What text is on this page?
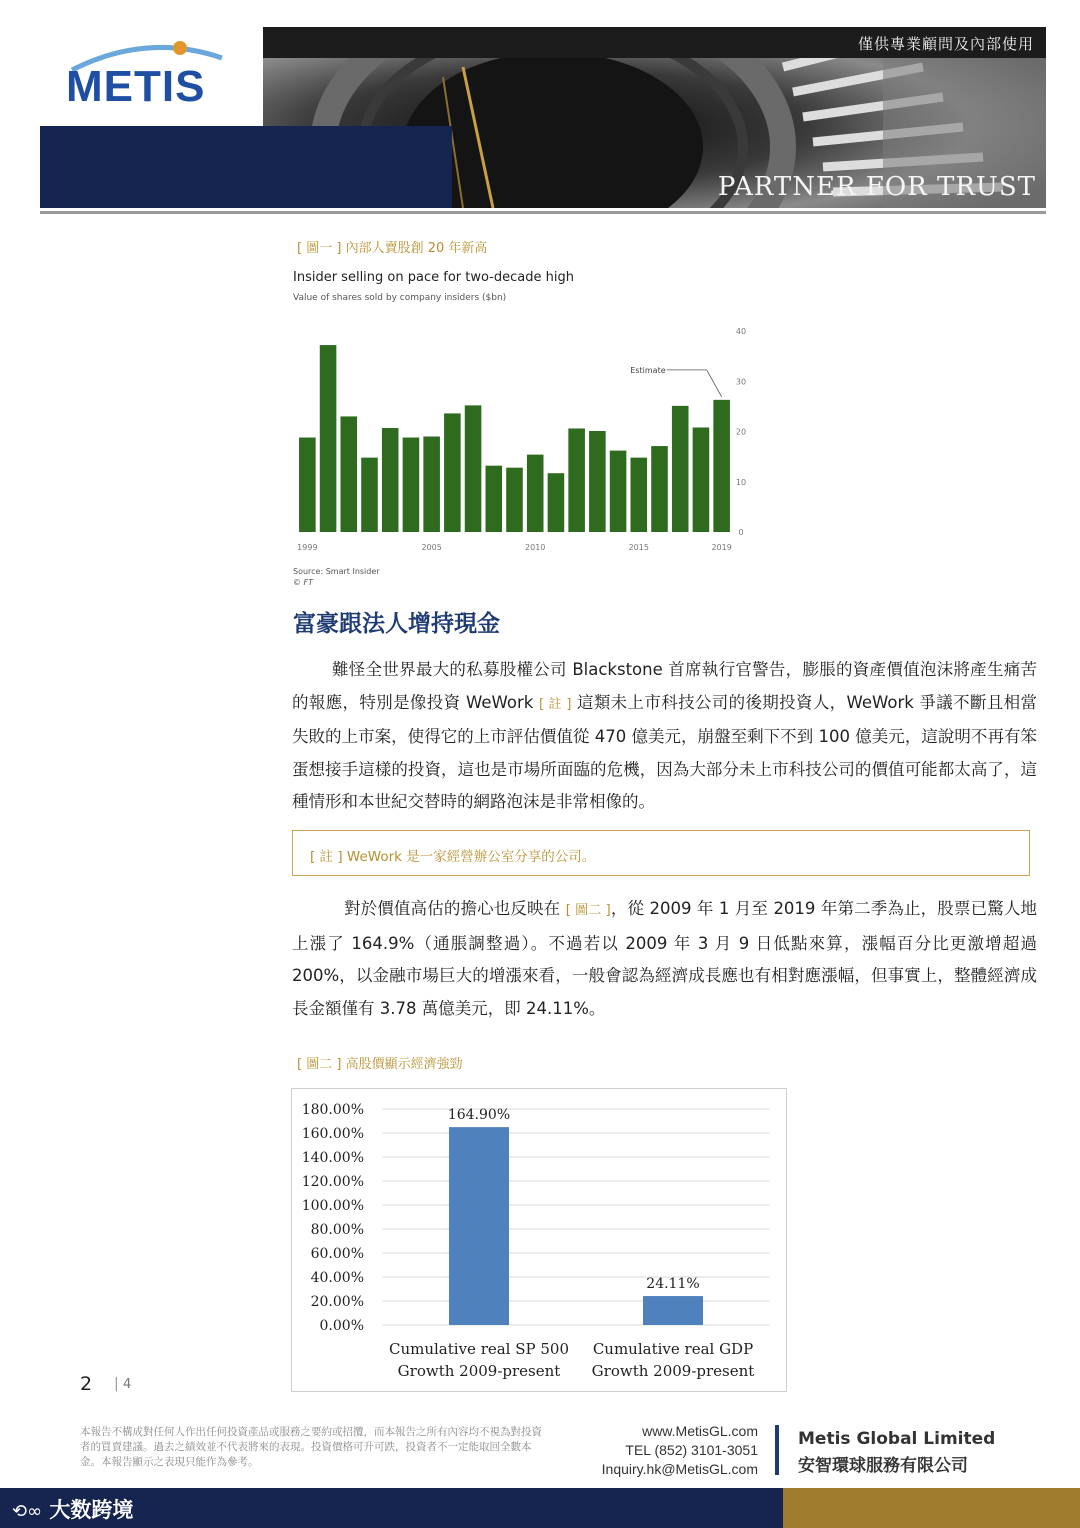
僅供專業顧問及內部使用
PARTNER FOR TRUST
METIS
[ 圖一 ] 內部人賣股創 20 年新高
Insider selling on pace for two-decade high
Value of shares sold by company insiders ($bn)
0
10
20
30
40
1999	2005	2010	2015	2019
Estimate
Source: Smart Insider
© FT
富豪跟法人增持現金
難怪全世界最大的私募股權公司 Blackstone 首席執行官警告，膨脹的資產價值泡沫將產生痛苦的報應，特別是像投資 WeWork [ 註 ] 這類未上市科技公司的後期投資人，WeWork 爭議不斷且相當失敗的上市案，使得它的上市評估價值從 470 億美元，崩盤至剩下不到 100 億美元，這說明不再有笨蛋想接手這樣的投資，這也是市場所面臨的危機，因為大部分未上市科技公司的價值可能都太高了，這種情形和本世紀交替時的網路泡沫是非常相像的。
[ 註 ] WeWork 是一家經營辦公室分享的公司。
對於價值高估的擔心也反映在 [ 圖二 ]，從 2009 年 1 月至 2019 年第二季為止，股票已驚人地上漲了 164.9%（通脹調整過）。不過若以 2009 年 3 月 9 日低點來算，漲幅百分比更激增超過 200%，以金融市場巨大的增漲來看，一般會認為經濟成長應也有相對應漲幅，但事實上，整體經濟成長金額僅有 3.78 萬億美元，即 24.11%。
[ 圖二 ] 高股價顯示經濟強勁
0.00%
20.00%
40.00%
60.00%
80.00%
100.00%
120.00%
140.00%
160.00%
180.00%	164.90%
Cumulative real SP 500
Growth 2009-present
24.11%
Cumulative real GDP
Growth 2009-present
2 | 4
本報告不構成對任何人作出任何投資產品或服務之要約或招攬，而本報告之所有內容均不視為對投資者的買賣建議。過去之績效並不代表將來的表現。投資價格可升可跌，投資者不一定能取回全數本金。本報告顯示之表現只能作為參考。
www.MetisGL.com
TEL (852) 3101-3051
Inquiry.hk@MetisGL.com
Metis Global Limited
安智環球服務有限公司
⟲∞ 大数跨境
